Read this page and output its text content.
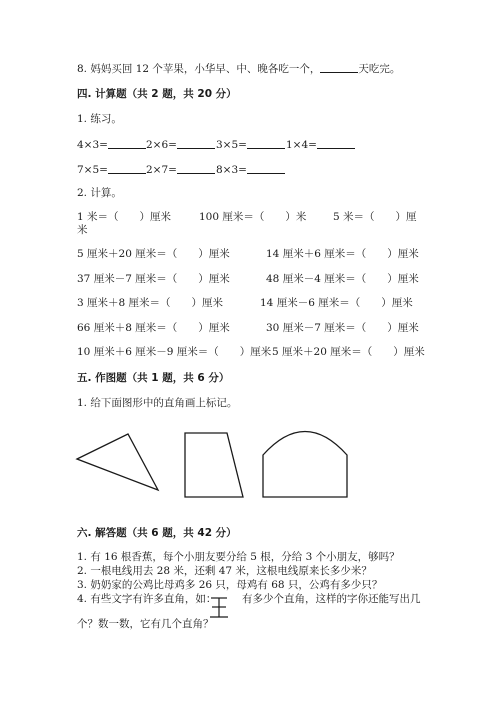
8. 妈妈买回 12 个苹果，小华早、中、晚各吃一个，	天吃完。
四. 计算题（共 2 题，共 20 分）
1. 练习。
4×3=	2×6=	3×5=	1×4=
7×5=	2×7=	8×3=
2. 计算。
1 米＝（　　）厘米	100 厘米＝（　　）米	5 米＝（　　）厘
米
5 厘米＋20 厘米＝（　　）厘米	14 厘米＋6 厘米＝（　　）厘米
37 厘米－7 厘米＝（　　）厘米	48 厘米－4 厘米＝（　　）厘米
3 厘米＋8 厘米＝（　　）厘米	14 厘米－6 厘米＝（　　）厘米
66 厘米＋8 厘米＝（　　）厘米	30 厘米－7 厘米＝（　　）厘米
10 厘米＋6 厘米－9 厘米＝（　　）厘米 5 厘米＋20 厘米＝（　　）厘米
五. 作图题（共 1 题，共 6 分）
1. 给下面图形中的直角画上标记。
六. 解答题（共 6 题，共 42 分）
1. 有 16 根香蕉，每个小朋友要分给 5 根，分给 3 个小朋友，够吗？
2. 一根电线用去 28 米，还剩 47 米，这根电线原来长多少米？
3. 奶奶家的公鸡比母鸡多 26 只，母鸡有 68 只，公鸡有多少只？
4. 有些文字有许多直角，如： 有多少个直角，这样的字你还能写出几
个？数一数，它有几个直角？
